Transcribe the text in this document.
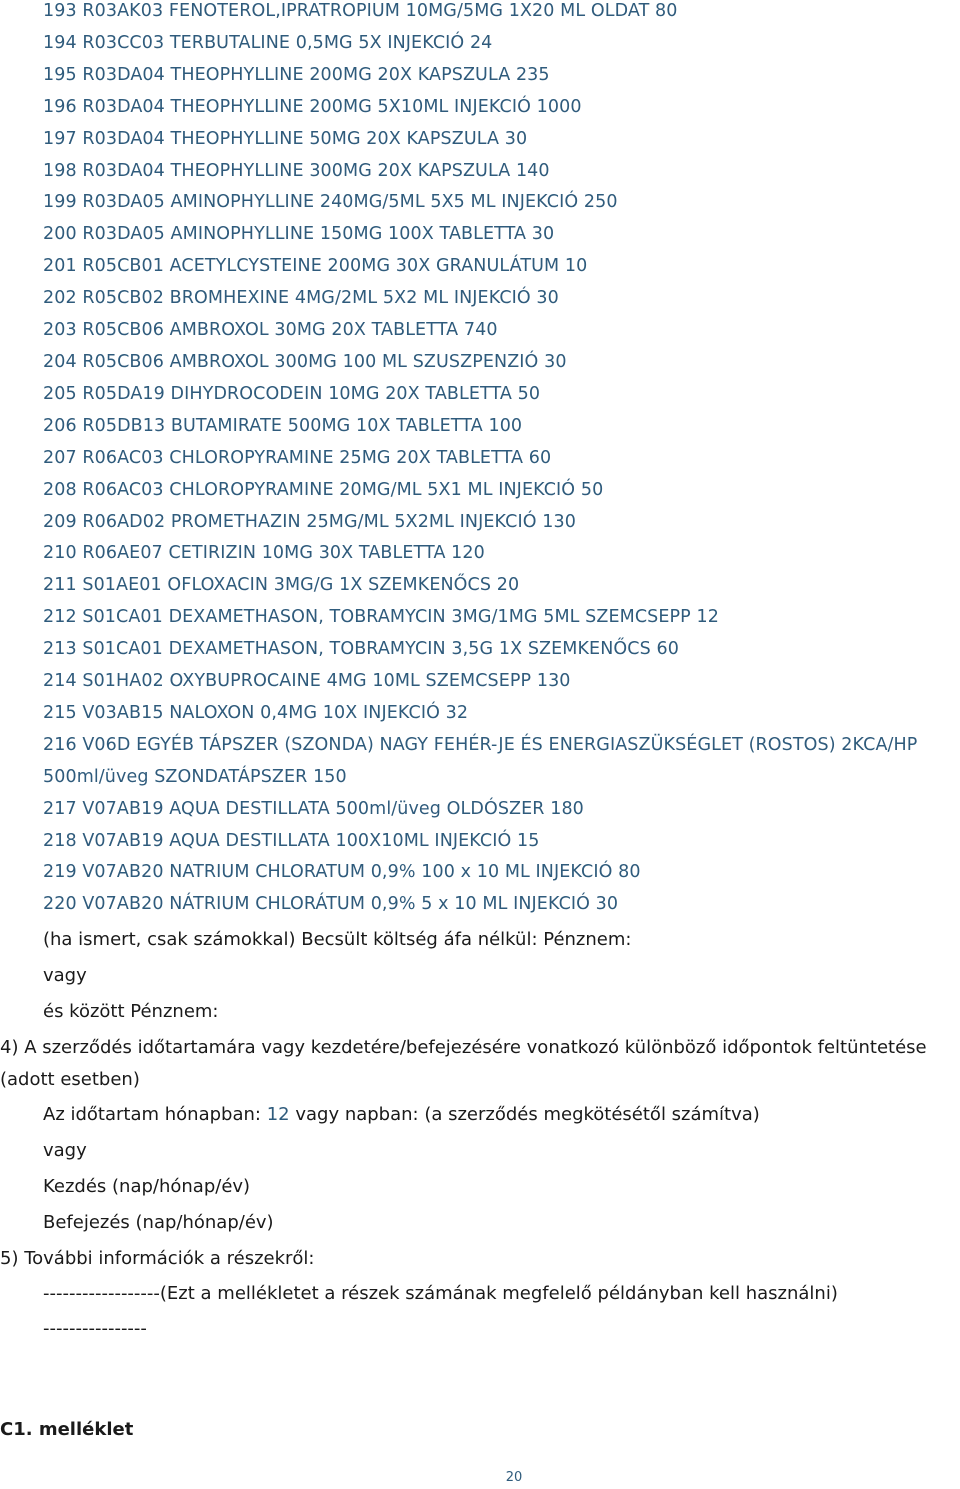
193 R03AK03 FENOTEROL,IPRATROPIUM 10MG/5MG 1X20 ML OLDAT 80
194 R03CC03 TERBUTALINE 0,5MG 5X INJEKCIÓ 24
195 R03DA04 THEOPHYLLINE 200MG 20X KAPSZULA 235
196 R03DA04 THEOPHYLLINE 200MG 5X10ML INJEKCIÓ 1000
197 R03DA04 THEOPHYLLINE 50MG 20X KAPSZULA 30
198 R03DA04 THEOPHYLLINE 300MG 20X KAPSZULA 140
199 R03DA05 AMINOPHYLLINE 240MG/5ML 5X5 ML INJEKCIÓ 250
200 R03DA05 AMINOPHYLLINE 150MG 100X TABLETTA 30
201 R05CB01 ACETYLCYSTEINE 200MG 30X GRANULÁTUM 10
202 R05CB02 BROMHEXINE 4MG/2ML 5X2 ML INJEKCIÓ 30
203 R05CB06 AMBROXOL 30MG 20X TABLETTA 740
204 R05CB06 AMBROXOL 300MG 100 ML SZUSZPENZIÓ 30
205 R05DA19 DIHYDROCODEIN 10MG 20X TABLETTA 50
206 R05DB13 BUTAMIRATE 500MG 10X TABLETTA 100
207 R06AC03 CHLOROPYRAMINE 25MG 20X TABLETTA 60
208 R06AC03 CHLOROPYRAMINE 20MG/ML 5X1 ML INJEKCIÓ 50
209 R06AD02 PROMETHAZIN 25MG/ML 5X2ML INJEKCIÓ 130
210 R06AE07 CETIRIZIN 10MG 30X TABLETTA 120
211 S01AE01 OFLOXACIN 3MG/G 1X SZEMKENŐCS 20
212 S01CA01 DEXAMETHASON, TOBRAMYCIN 3MG/1MG 5ML SZEMCSEPP 12
213 S01CA01 DEXAMETHASON, TOBRAMYCIN 3,5G 1X SZEMKENŐCS 60
214 S01HA02 OXYBUPROCAINE 4MG 10ML SZEMCSEPP 130
215 V03AB15 NALOXON 0,4MG 10X INJEKCIÓ 32
216 V06D EGYÉB TÁPSZER (SZONDA) NAGY FEHÉR-JE ÉS ENERGIASZÜKSÉGLET (ROSTOS) 2KCA/HP 500ml/üveg SZONDATÁPSZER 150
217 V07AB19 AQUA DESTILLATA 500ml/üveg OLDÓSZER 180
218 V07AB19 AQUA DESTILLATA 100X10ML INJEKCIÓ 15
219 V07AB20 NATRIUM CHLORATUM 0,9% 100 x 10 ML INJEKCIÓ 80
220 V07AB20 NÁTRIUM CHLORÁTUM 0,9% 5 x 10 ML INJEKCIÓ 30
(ha ismert, csak számokkal) Becsült költség áfa nélkül: Pénznem:
vagy
és között Pénznem:
4) A szerződés időtartamára vagy kezdetére/befejezésére vonatkozó különböző időpontok feltüntetése (adott esetben)
Az időtartam hónapban: 12 vagy napban: (a szerződés megkötésétől számítva)
vagy
Kezdés (nap/hónap/év)
Befejezés (nap/hónap/év)
5) További információk a részekről:
------------------(Ezt a mellékletet a részek számának megfelelő példányban kell használni)
----------------
C1. melléklet
20
